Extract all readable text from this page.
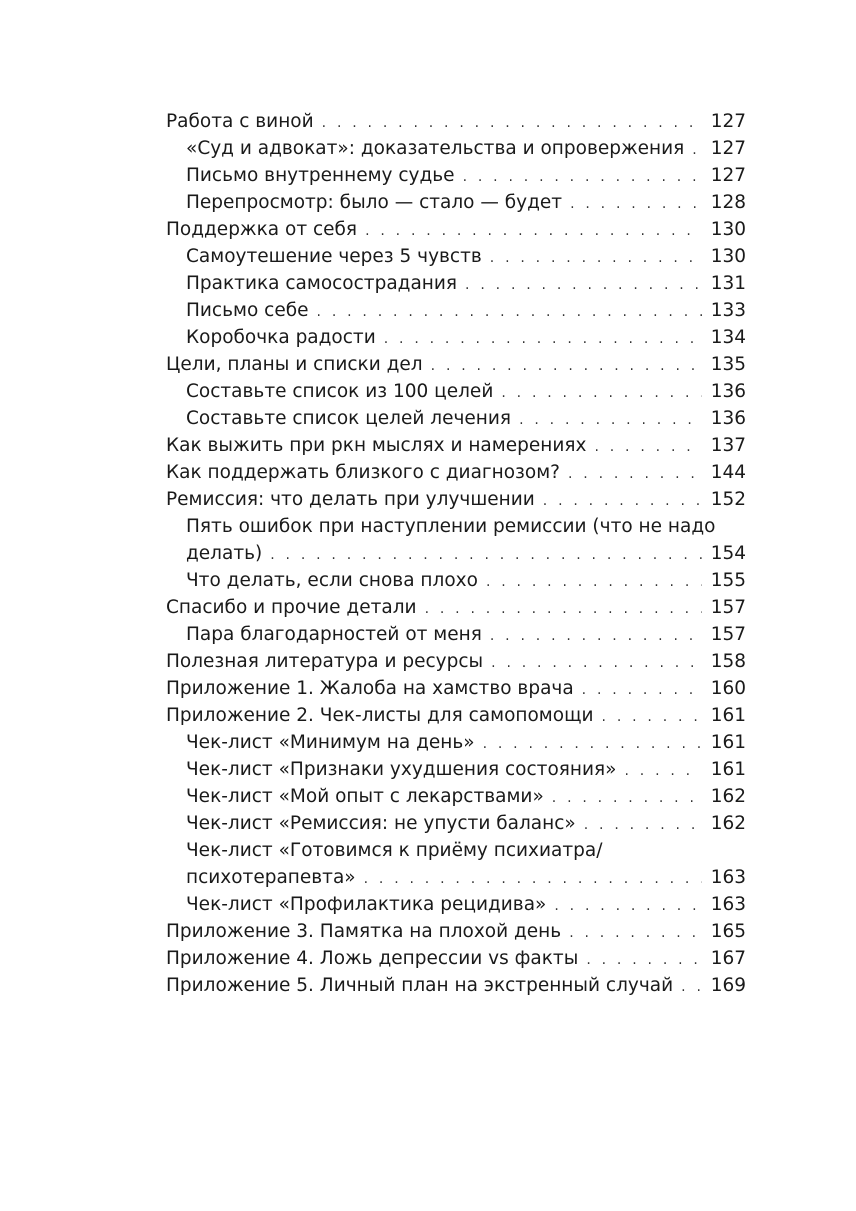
Работа с виной . . .	127
«Суд и адвокат»: доказательства и опровержения . . .	127
Письмо внутреннему судье . . .	127
Перепросмотр: было — стало — будет . . .	128
Поддержка от себя . . .	130
Самоутешение через 5 чувств . . .	130
Практика самосострадания . . .	131
Письмо себе . . .	133
Коробочка радости . . .	134
Цели, планы и списки дел . . .	135
Составьте список из 100 целей . . .	136
Составьте список целей лечения . . .	136
Как выжить при ркн мыслях и намерениях . . .	137
Как поддержать близкого с диагнозом? . . .	144
Ремиссия: что делать при улучшении . . .	152
Пять ошибок при наступлении ремиссии (что не надо
делать) . . .	154
Что делать, если снова плохо . . .	155
Спасибо и прочие детали . . .	157
Пара благодарностей от меня . . .	157
Полезная литература и ресурсы . . .	158
Приложение 1. Жалоба на хамство врача . . .	160
Приложение 2. Чек-листы для самопомощи . . .	161
Чек-лист «Минимум на день» . . .	161
Чек-лист «Признаки ухудшения состояния» . . .	161
Чек-лист «Мой опыт с лекарствами» . . .	162
Чек-лист «Ремиссия: не упусти баланс» . . .	162
Чек-лист «Готовимся к приёму психиатра/
психотерапевта» . . .	163
Чек-лист «Профилактика рецидива» . . .	163
Приложение 3. Памятка на плохой день . . .	165
Приложение 4. Ложь депрессии vs факты . . .	167
Приложение 5. Личный план на экстренный случай . . .	169
